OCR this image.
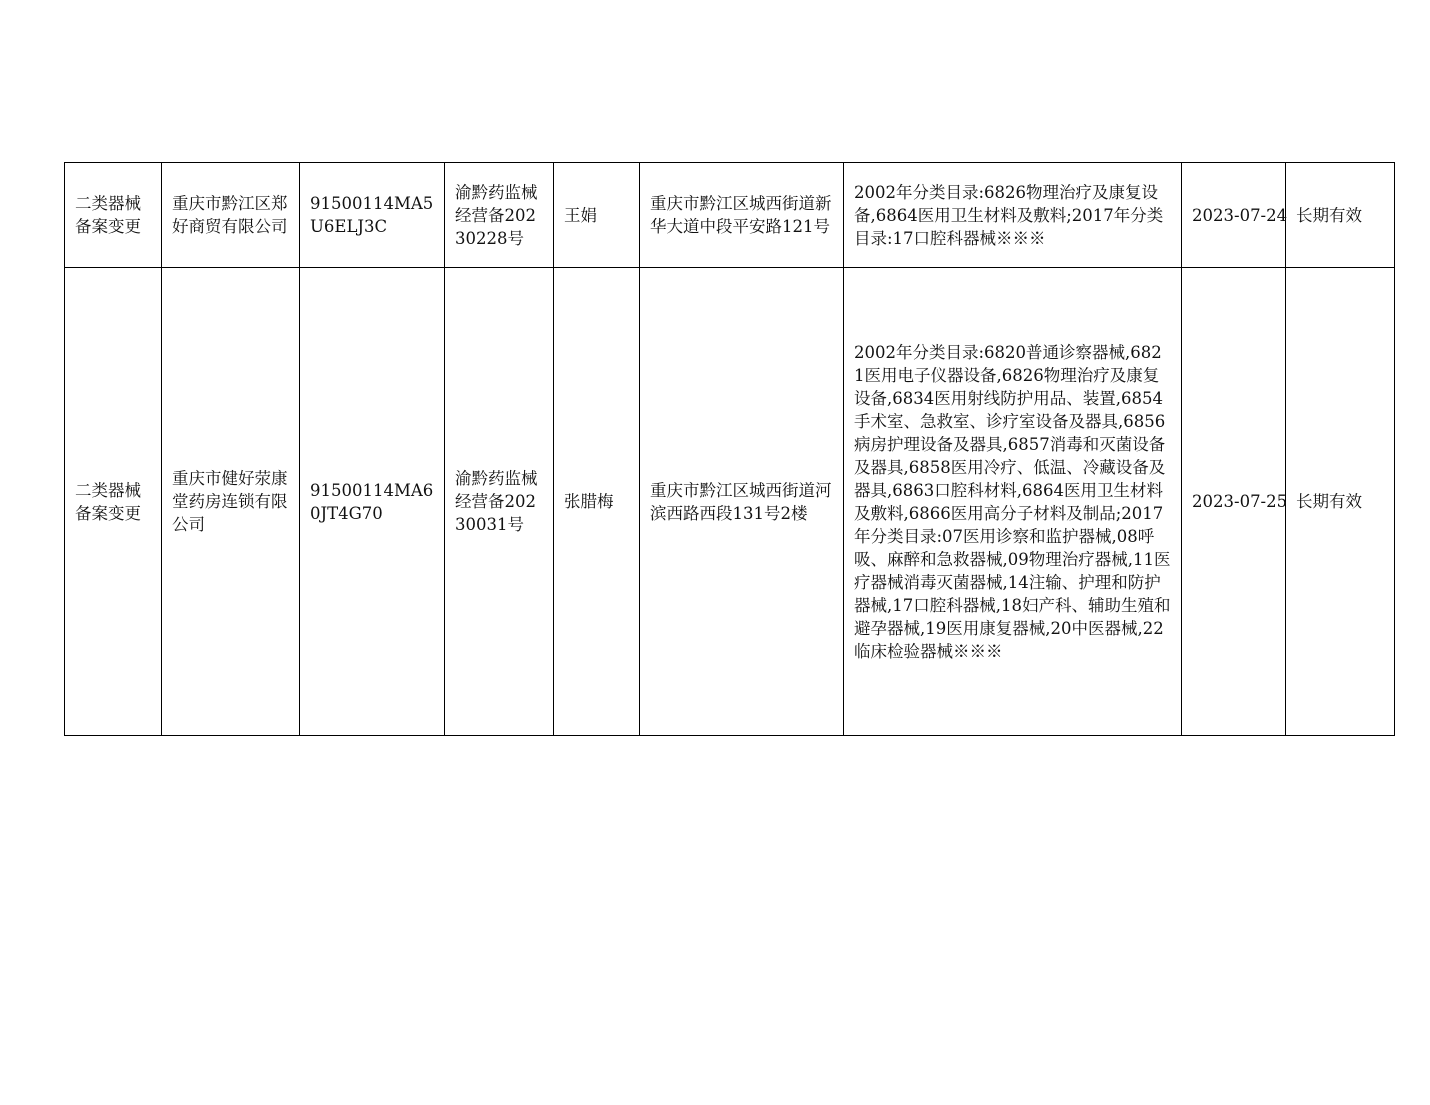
二类器械备案变更	重庆市黔江区郑好商贸有限公司	91500114MA5U6ELJ3C	渝黔药监械经营备20230228号	王娟	重庆市黔江区城西街道新华大道中段平安路121号	2002年分类目录:6826物理治疗及康复设备,6864医用卫生材料及敷料;2017年分类目录:17口腔科器械※※※	2023-07-24	长期有效
二类器械备案变更	重庆市健好荥康堂药房连锁有限公司	91500114MA60JT4G70	渝黔药监械经营备20230031号	张腊梅	重庆市黔江区城西街道河滨西路西段131号2楼	2002年分类目录:6820普通诊察器械,6821医用电子仪器设备,6826物理治疗及康复设备,6834医用射线防护用品、装置,6854手术室、急救室、诊疗室设备及器具,6856病房护理设备及器具,6857消毒和灭菌设备及器具,6858医用冷疗、低温、冷藏设备及器具,6863口腔科材料,6864医用卫生材料及敷料,6866医用高分子材料及制品;2017年分类目录:07医用诊察和监护器械,08呼吸、麻醉和急救器械,09物理治疗器械,11医疗器械消毒灭菌器械,14注输、护理和防护器械,17口腔科器械,18妇产科、辅助生殖和避孕器械,19医用康复器械,20中医器械,22临床检验器械※※※	2023-07-25	长期有效
